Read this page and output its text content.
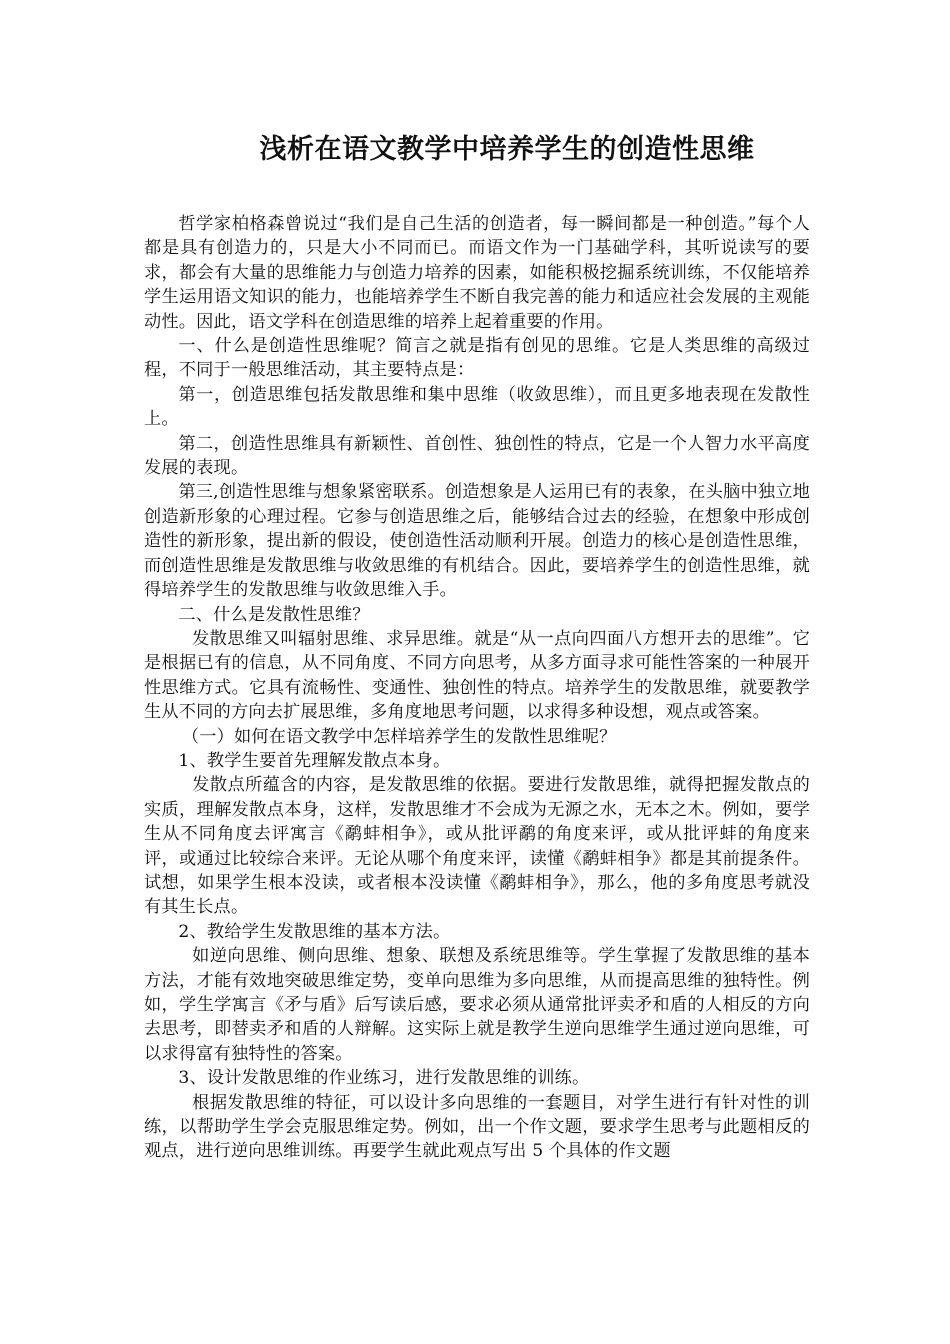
浅析在语文教学中培养学生的创造性思维

哲学家柏格森曾说过“我们是自己生活的创造者，每一瞬间都是一种创造。”每个人都是具有创造力的，只是大小不同而已。而语文作为一门基础学科，其听说读写的要求，都会有大量的思维能力与创造力培养的因素，如能积极挖掘系统训练，不仅能培养学生运用语文知识的能力，也能培养学生不断自我完善的能力和适应社会发展的主观能动性。因此，语文学科在创造思维的培养上起着重要的作用。

一、什么是创造性思维呢？简言之就是指有创见的思维。它是人类思维的高级过程，不同于一般思维活动，其主要特点是：

第一，创造思维包括发散思维和集中思维（收敛思维），而且更多地表现在发散性上。

第二，创造性思维具有新颖性、首创性、独创性的特点，它是一个人智力水平高度发展的表现。

第三,创造性思维与想象紧密联系。创造想象是人运用已有的表象，在头脑中独立地创造新形象的心理过程。它参与创造思维之后，能够结合过去的经验，在想象中形成创造性的新形象，提出新的假设，使创造性活动顺利开展。创造力的核心是创造性思维，而创造性思维是发散思维与收敛思维的有机结合。因此，要培养学生的创造性思维，就得培养学生的发散思维与收敛思维入手。

二、什么是发散性思维？

发散思维又叫辐射思维、求异思维。就是“从一点向四面八方想开去的思维”。它是根据已有的信息，从不同角度、不同方向思考，从多方面寻求可能性答案的一种展开性思维方式。它具有流畅性、变通性、独创性的特点。培养学生的发散思维，就要教学生从不同的方向去扩展思维，多角度地思考问题，以求得多种设想，观点或答案。

（一）如何在语文教学中怎样培养学生的发散性思维呢？

1、教学生要首先理解发散点本身。

发散点所蕴含的内容，是发散思维的依据。要进行发散思维，就得把握发散点的实质，理解发散点本身，这样，发散思维才不会成为无源之水，无本之木。例如，要学生从不同角度去评寓言《鹬蚌相争》，或从批评鹬的角度来评，或从批评蚌的角度来评，或通过比较综合来评。无论从哪个角度来评，读懂《鹬蚌相争》都是其前提条件。试想，如果学生根本没读，或者根本没读懂《鹬蚌相争》，那么，他的多角度思考就没有其生长点。

2、教给学生发散思维的基本方法。

如逆向思维、侧向思维、想象、联想及系统思维等。学生掌握了发散思维的基本方法，才能有效地突破思维定势，变单向思维为多向思维，从而提高思维的独特性。例如，学生学寓言《矛与盾》后写读后感，要求必须从通常批评卖矛和盾的人相反的方向去思考，即替卖矛和盾的人辩解。这实际上就是教学生逆向思维学生通过逆向思维，可以求得富有独特性的答案。

3、设计发散思维的作业练习，进行发散思维的训练。

根据发散思维的特征，可以设计多向思维的一套题目，对学生进行有针对性的训练，以帮助学生学会克服思维定势。例如，出一个作文题，要求学生思考与此题相反的观点，进行逆向思维训练。再要学生就此观点写出 5 个具体的作文题
